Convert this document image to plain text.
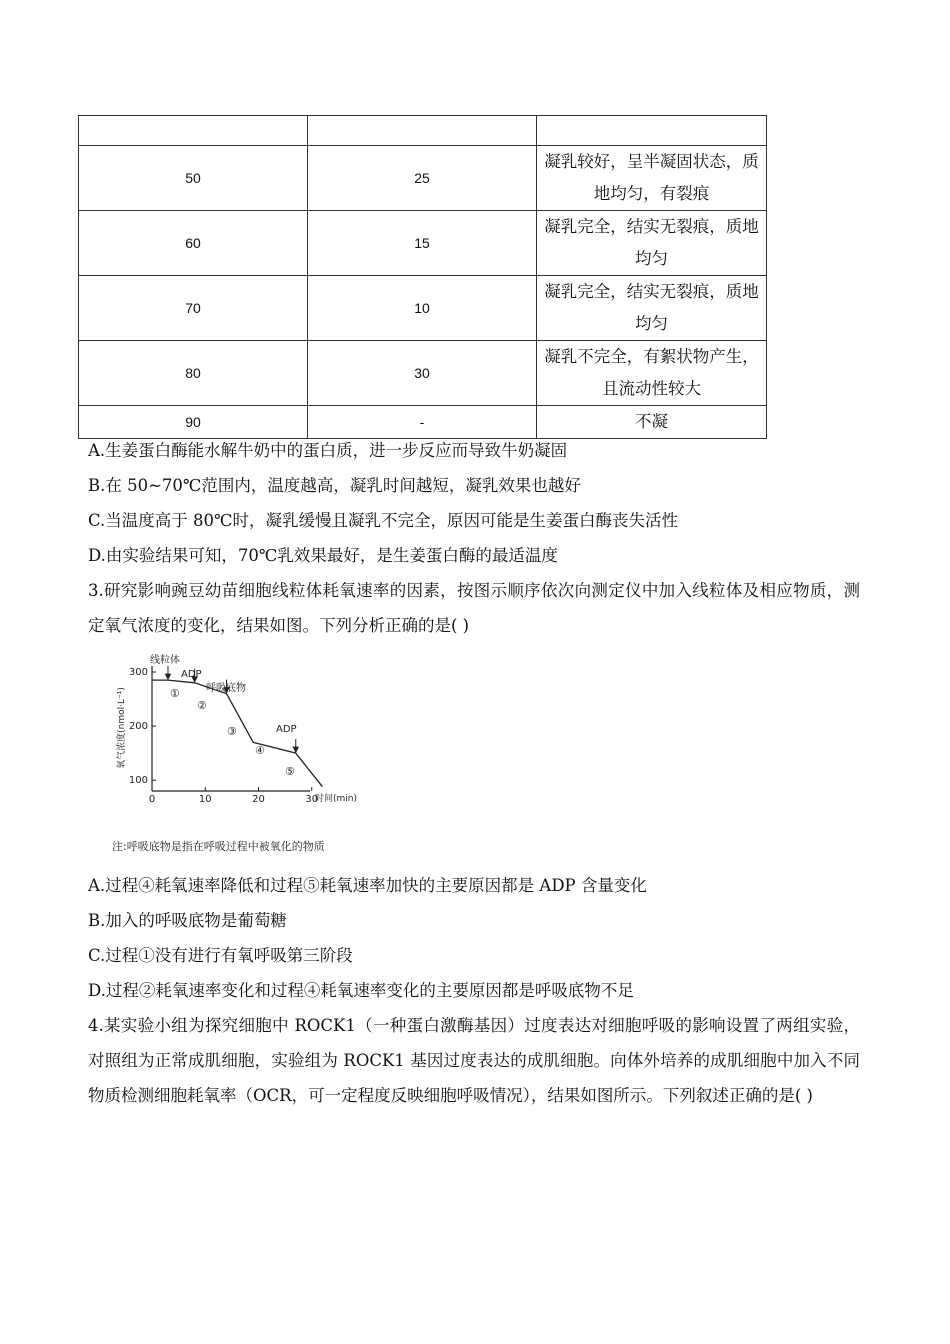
50	25	凝乳较好，呈半凝固状态，质地均匀，有裂痕
60	15	凝乳完全，结实无裂痕，质地均匀
70	10	凝乳完全，结实无裂痕，质地均匀
80	30	凝乳不完全，有絮状物产生，且流动性较大
90	-	不凝
A.生姜蛋白酶能水解牛奶中的蛋白质，进一步反应而导致牛奶凝固
B.在 50~70℃范围内，温度越高，凝乳时间越短，凝乳效果也越好
C.当温度高于 80℃时，凝乳缓慢且凝乳不完全，原因可能是生姜蛋白酶丧失活性
D.由实验结果可知，70℃乳效果最好，是生姜蛋白酶的最适温度
3.研究影响豌豆幼苗细胞线粒体耗氧速率的因素，按图示顺序依次向测定仪中加入线粒体及相应物质，测定氧气浓度的变化，结果如图。下列分析正确的是( )
氧气浓度(nmol·L⁻¹)
时间(min)
线粒体
ADP
呼吸底物
ADP
①
②
③
④
⑤
100
200
300
0	10	20	30
注:呼吸底物是指在呼吸过程中被氧化的物质
A.过程④耗氧速率降低和过程⑤耗氧速率加快的主要原因都是 ADP 含量变化
B.加入的呼吸底物是葡萄糖
C.过程①没有进行有氧呼吸第三阶段
D.过程②耗氧速率变化和过程④耗氧速率变化的主要原因都是呼吸底物不足
4.某实验小组为探究细胞中 ROCK1（一种蛋白激酶基因）过度表达对细胞呼吸的影响设置了两组实验，对照组为正常成肌细胞，实验组为 ROCK1 基因过度表达的成肌细胞。向体外培养的成肌细胞中加入不同物质检测细胞耗氧率（OCR，可一定程度反映细胞呼吸情况），结果如图所示。下列叙述正确的是( )
